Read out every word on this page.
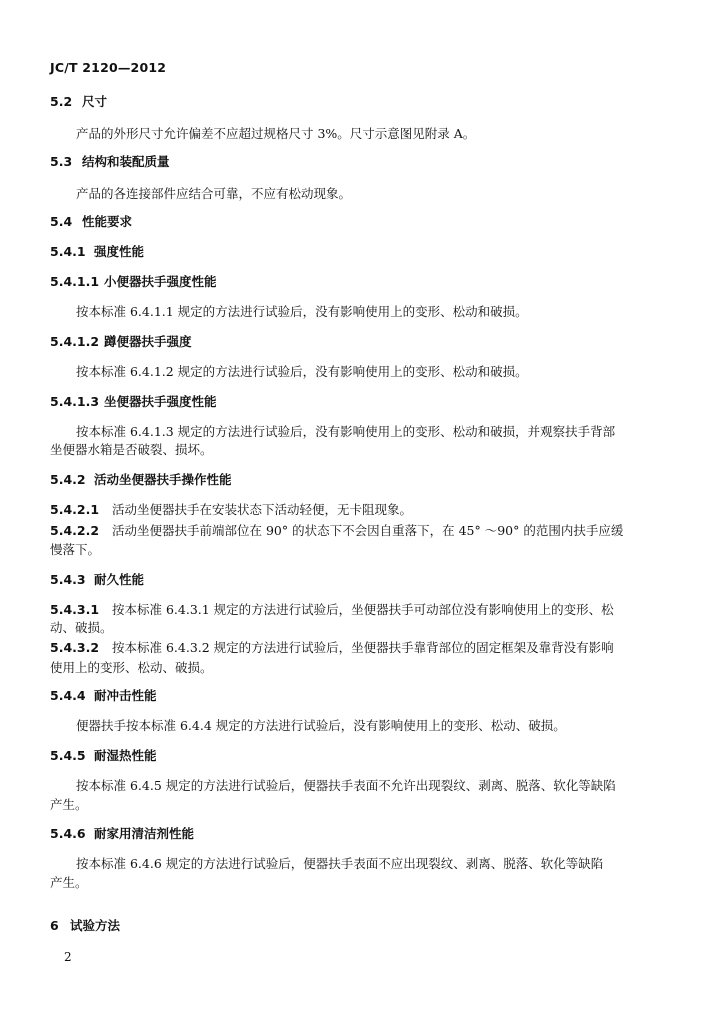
JC/T 2120—2012
5.2 尺寸
产品的外形尺寸允许偏差不应超过规格尺寸 3%。尺寸示意图见附录 A。
5.3 结构和装配质量
产品的各连接部件应结合可靠，不应有松动现象。
5.4 性能要求
5.4.1 强度性能
5.4.1.1 小便器扶手强度性能
按本标准 6.4.1.1 规定的方法进行试验后，没有影响使用上的变形、松动和破损。
5.4.1.2 蹲便器扶手强度
按本标准 6.4.1.2 规定的方法进行试验后，没有影响使用上的变形、松动和破损。
5.4.1.3 坐便器扶手强度性能
按本标准 6.4.1.3 规定的方法进行试验后，没有影响使用上的变形、松动和破损，并观察扶手背部
坐便器水箱是否破裂、损坏。
5.4.2 活动坐便器扶手操作性能
5.4.2.1 活动坐便器扶手在安装状态下活动轻便，无卡阻现象。
5.4.2.2 活动坐便器扶手前端部位在 90° 的状态下不会因自重落下，在 45° ～90° 的范围内扶手应缓
慢落下。
5.4.3 耐久性能
5.4.3.1 按本标准 6.4.3.1 规定的方法进行试验后，坐便器扶手可动部位没有影响使用上的变形、松
动、破损。
5.4.3.2 按本标准 6.4.3.2 规定的方法进行试验后，坐便器扶手靠背部位的固定框架及靠背没有影响
使用上的变形、松动、破损。
5.4.4 耐冲击性能
便器扶手按本标准 6.4.4 规定的方法进行试验后，没有影响使用上的变形、松动、破损。
5.4.5 耐湿热性能
按本标准 6.4.5 规定的方法进行试验后，便器扶手表面不允许出现裂纹、剥离、脱落、软化等缺陷
产生。
5.4.6 耐家用清洁剂性能
按本标准 6.4.6 规定的方法进行试验后，便器扶手表面不应出现裂纹、剥离、脱落、软化等缺陷
产生。
6 试验方法
2
